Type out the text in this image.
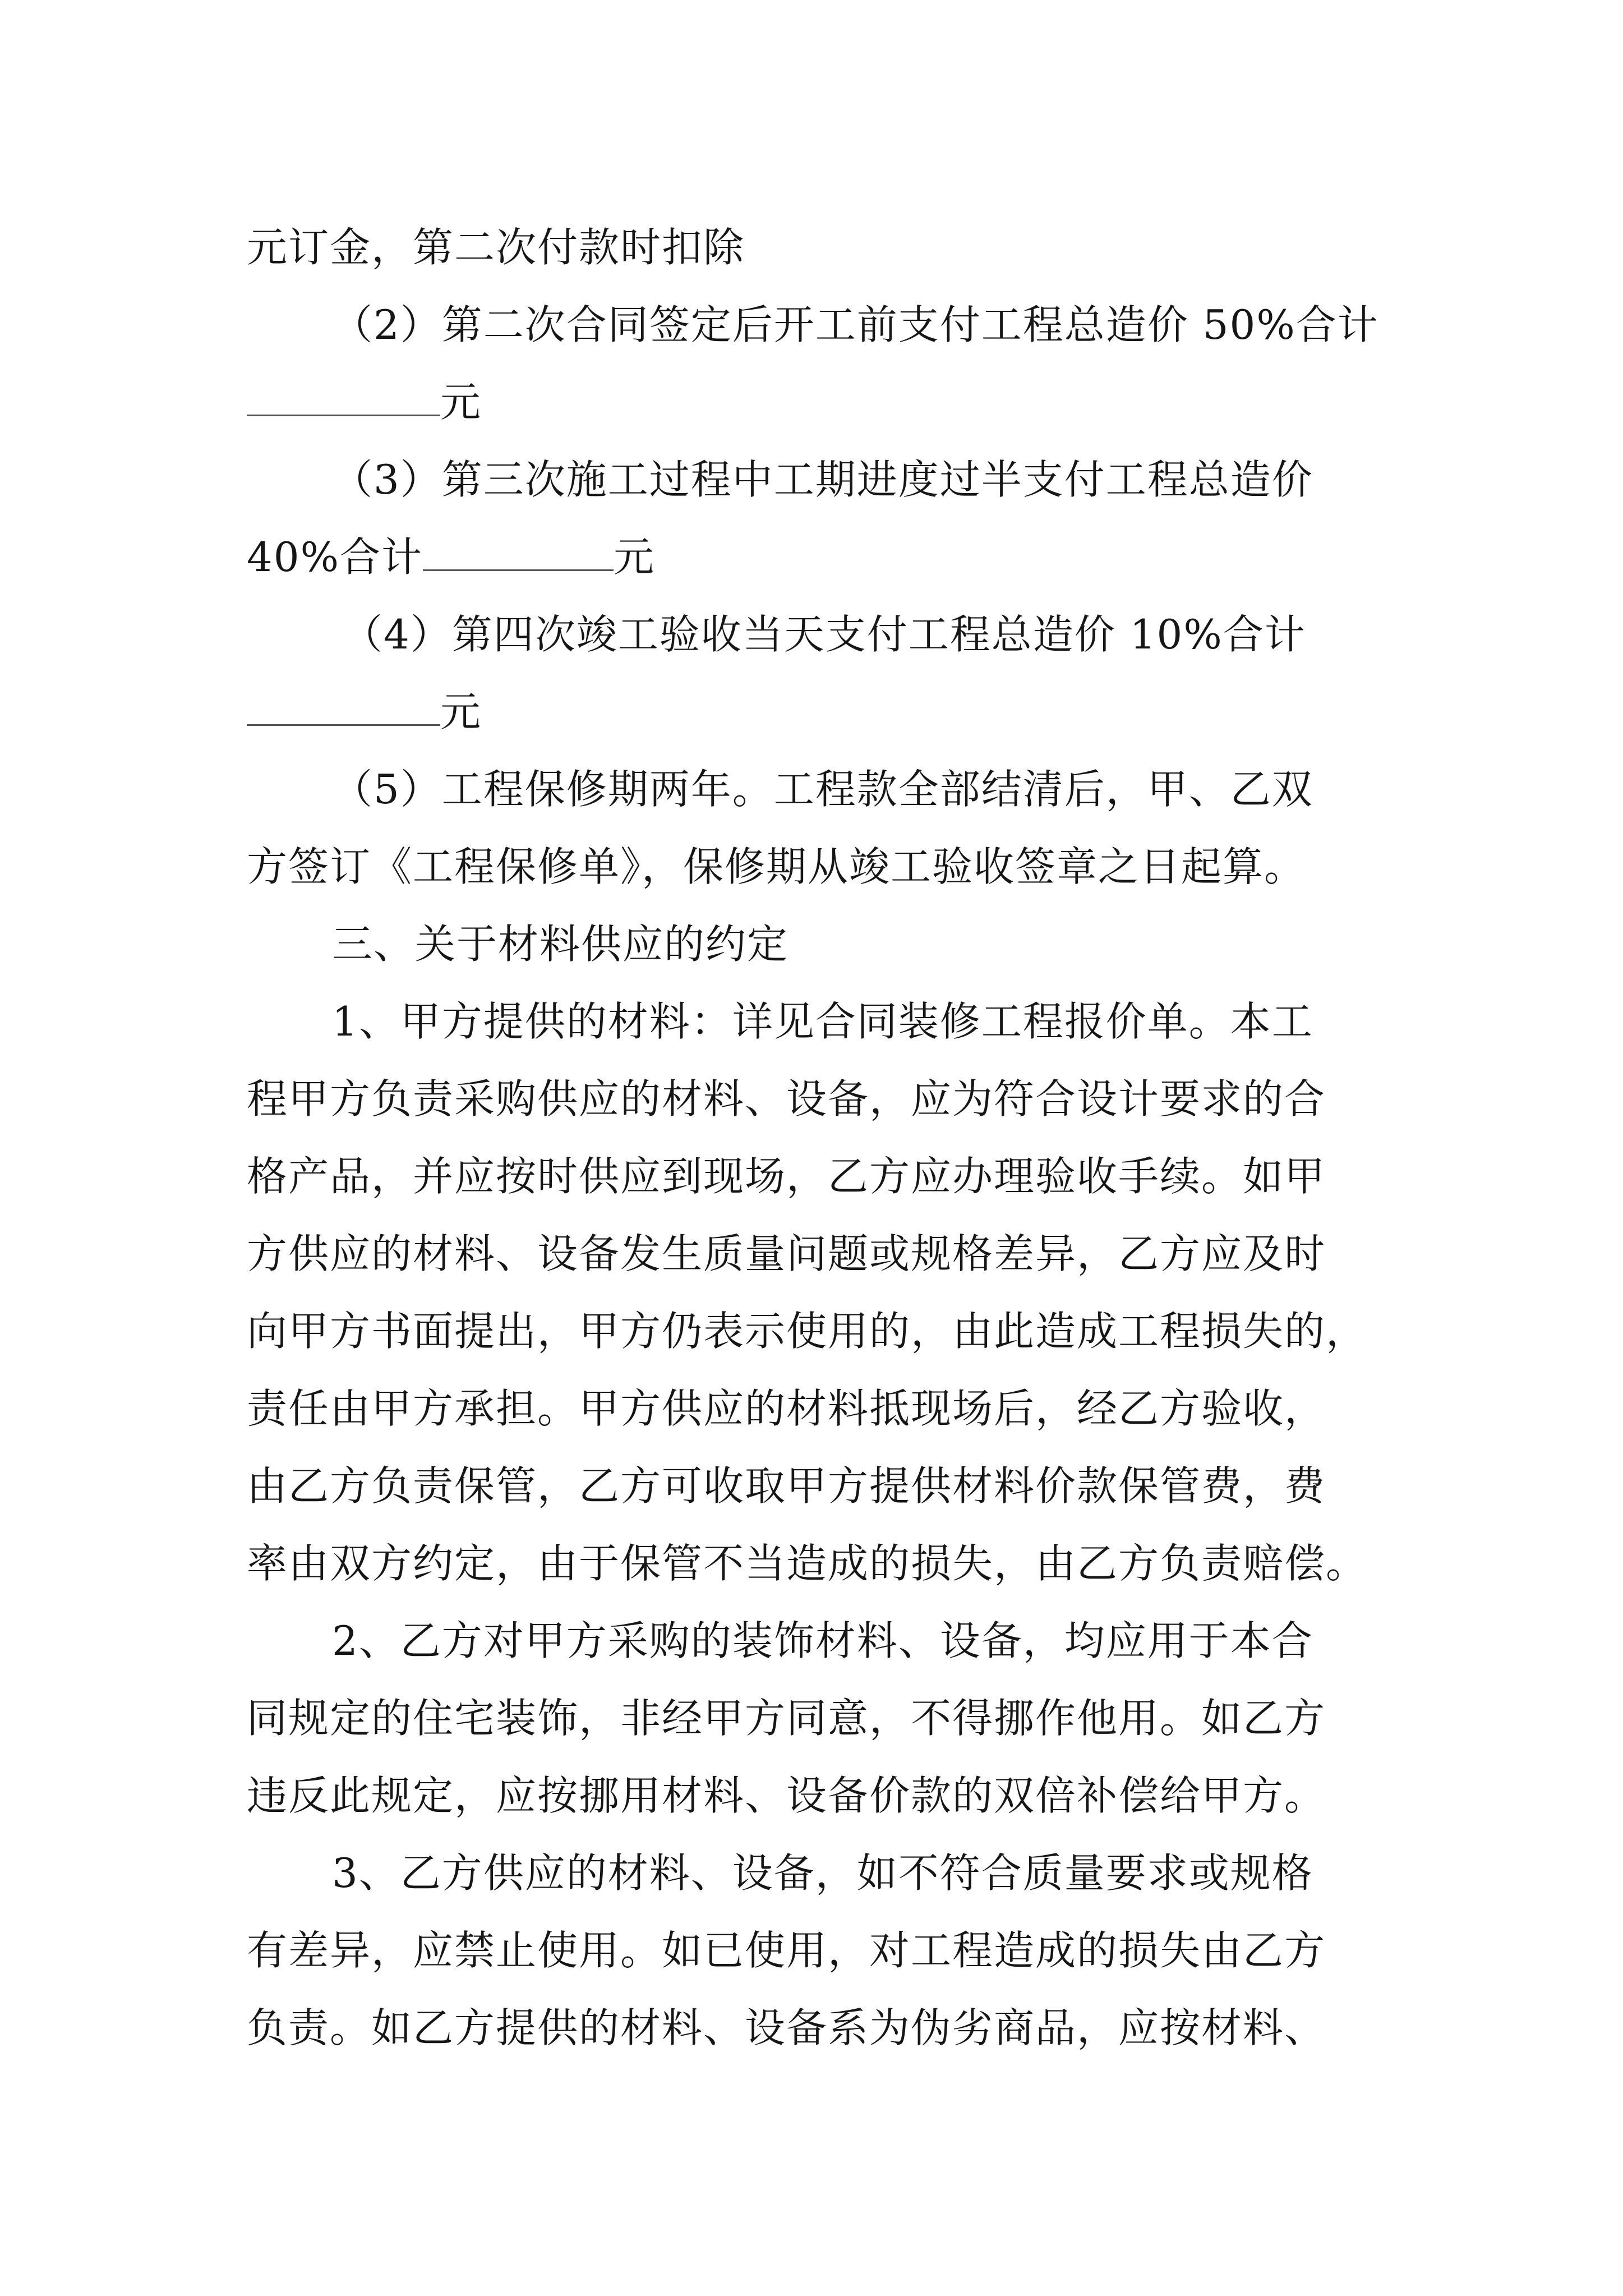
元订金，第二次付款时扣除
（2）第二次合同签定后开工前支付工程总造价 50%合计
元
（3）第三次施工过程中工期进度过半支付工程总造价
40%合计	元
（4）第四次竣工验收当天支付工程总造价 10%合计
元
（5）工程保修期两年。工程款全部结清后，甲、乙双
方签订《工程保修单》，保修期从竣工验收签章之日起算。
三、关于材料供应的约定
1、甲方提供的材料：详见合同装修工程报价单。本工
程甲方负责采购供应的材料、设备，应为符合设计要求的合
格产品，并应按时供应到现场，乙方应办理验收手续。如甲
方供应的材料、设备发生质量问题或规格差异，乙方应及时
向甲方书面提出，甲方仍表示使用的，由此造成工程损失的，
责任由甲方承担。甲方供应的材料抵现场后，经乙方验收，
由乙方负责保管，乙方可收取甲方提供材料价款保管费，费
率由双方约定，由于保管不当造成的损失，由乙方负责赔偿。
2、乙方对甲方采购的装饰材料、设备，均应用于本合
同规定的住宅装饰，非经甲方同意，不得挪作他用。如乙方
违反此规定，应按挪用材料、设备价款的双倍补偿给甲方。
3、乙方供应的材料、设备，如不符合质量要求或规格
有差异，应禁止使用。如已使用，对工程造成的损失由乙方
负责。如乙方提供的材料、设备系为伪劣商品，应按材料、
